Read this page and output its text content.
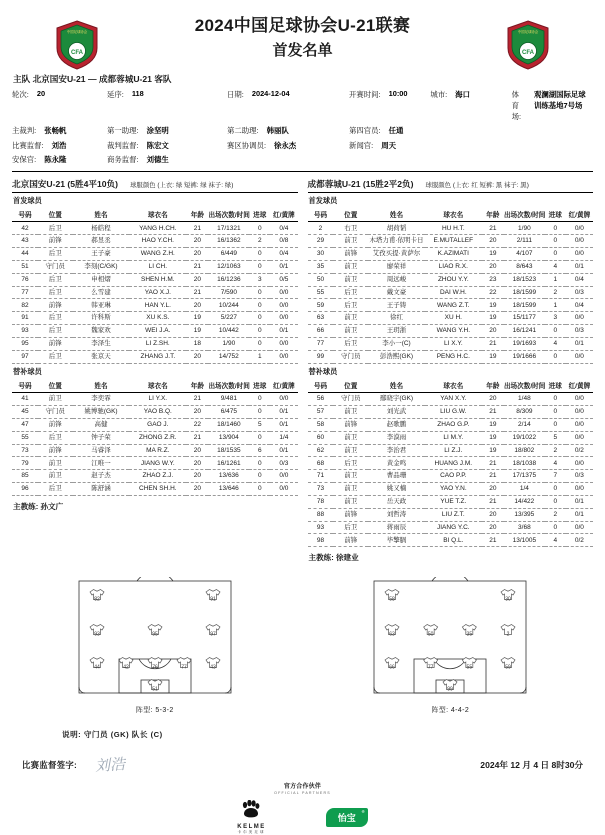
CFA
中国足球协会	2024中国足球协会U-21联赛
首发名单	CFA
中国足球协会
主队 北京国安U-21 — 成都蓉城U-21 客队
轮次: 20	延序: 118	日期: 2024-12-04	开赛时间: 10:00	城市: 海口	体育场:
观澜湖国际足球训练基地7号场
主裁判: 张畅帆	第一助理: 涂坚明	第二助理: 韩丽队	第四官员: 任通
比赛监督: 刘浩	裁判监督: 陈宏文	赛区协调员: 徐永杰	新闻官: 周天
安保官: 陈永隆	商务监督: 刘德生
北京国安U-21 (5胜4平10负) 球服颜色 (上衣: 绿 短裤: 绿 袜子: 绿)
首发球员
号码	位置	姓名	球衣名	年龄	出场次数/时间	进球	红/黄牌
42	后卫	杨皓程	YANG H.CH.	21	17/1321	0	0/4
43	前锋	郝昱丞	HAO Y.CH.	20	16/1362	2	0/8
44	后卫	王子豪	WANG Z.H.	20	6/449	0	0/4
51	守门员	李刻(C/GK)	LI CH.	21	12/1063	0	0/1
76	后卫	申相熠	SHEN H.M.	20	16/1236	3	0/5
77	后卫	么雪建	YAO X.J.	21	7/590	0	0/0
82	前锋	韩亚琳	HAN Y.L.	20	10/244	0	0/0
91	后卫	许科斯	XU K.S.	19	5/227	0	0/0
93	后卫	魏家欢	WEI J.A.	19	10/442	0	0/1
95	前锋	李泽生	LI Z.SH.	18	1/90	0	0/0
97	后卫	张京天	ZHANG J.T.	20	14/752	1	0/0
替补球员
号码	位置	姓名	球衣名	年龄	出场次数/时间	进球	红/黄牌
41	前卫	李奕霏	LI Y.X.	21	9/481	0	0/0
45	守门员	姚博驰(GK)	YAO B.Q.	20	6/475	0	0/1
47	前锋	高健	GAO J.	22	18/1460	5	0/1
55	后卫	钟子荣	ZHONG Z.R.	21	13/904	0	1/4
73	前锋	马睿泽	MA R.Z.	20	18/1535	6	0/1
79	前卫	江唯一	JIANG W.Y.	20	16/1261	0	0/3
85	前卫	赵子杰	ZHAO Z.J.	20	13/636	0	0/0
96	后卫	陈舒涵	CHEN SH.H.	20	13/646	0	0/0
主教练: 孙文广
成都蓉城U-21 (15胜2平2负) 球服颜色 (上衣: 红 短裤: 黑 袜子: 黑)
首发球员
号码	位置	姓名	球衣名	年龄	出场次数/时间	进球	红/黄牌
2	右卫	胡荷韬	HU H.T.	21	1/90	0	0/0
29	前卫	木塔力甫·依明卡日	E.MUTALLEF	20	2/111	0	0/0
30	前锋	艾孜买提·黄萨尔	K.AZIMATI	19	4/107	0	0/0
35	前卫	廖荣祥	LIAO R.X.	20	8/643	4	0/1
50	前卫	周远峻	ZHOU Y.Y.	23	18/1523	1	0/4
55	后卫	戴文豪	DAI W.H.	22	18/1599	2	0/3
59	后卫	王子铸	WANG Z.T.	19	18/1599	1	0/4
63	前卫	徐红	XU H.	19	15/1177	3	0/0
66	前卫	王玥浙	WANG Y.H.	20	16/1241	0	0/3
77	后卫	李小一(C)	LI X.Y.	21	19/1693	4	0/1
99	守门员	彭浩熙(GK)	PENG H.C.	19	19/1666	0	0/0
替补球员
号码	位置	姓名	球衣名	年龄	出场次数/时间	进球	红/黄牌
56	守门员	鄢晓宇(GK)	YAN X.Y.	20	1/48	0	0/0
57	前卫	刘光武	LIU G.W.	21	8/309	0	0/0
58	前锋	赵歌鹏	ZHAO G.P.	19	2/14	0	0/0
60	前卫	李漠雨	LI M.Y.	19	19/1022	5	0/0
62	前卫	李治君	LI Z.J.	19	18/802	2	0/2
68	后卫	黄金鸣	HUANG J.M.	21	18/1038	4	0/0
71	前卫	曹品珊	CAO P.P.	21	17/1375	7	0/3
73	前卫	姚又楠	YAO Y.N.	20	1/4	0	0/0
78	前卫	岳天政	YUE T.Z.	21	14/422	0	0/1
88	前锋	刘哲涛	LIU Z.T.	20	13/395	2	0/1
93	后卫	蒋雨辰	JIANG Y.C.	20	3/68	0	0/0
98	前锋	毕擎脶	BI Q.L.	21	13/1005	4	0/2
主教练: 徐建业
82	91
93	95	97
44	42	76	77	43
51
阵型: 5-3-2
58	30
63	50	35	2
66	77	55	59
99
阵型: 4-4-2
说明: 守门员 (GK) 队长 (C)
比赛监督签字: 刘浩	2024年 12 月 4 日 8时30分
官方合作伙伴
OFFICIAL PARTNERS
KELME
卡尔美足球
怡宝
®
